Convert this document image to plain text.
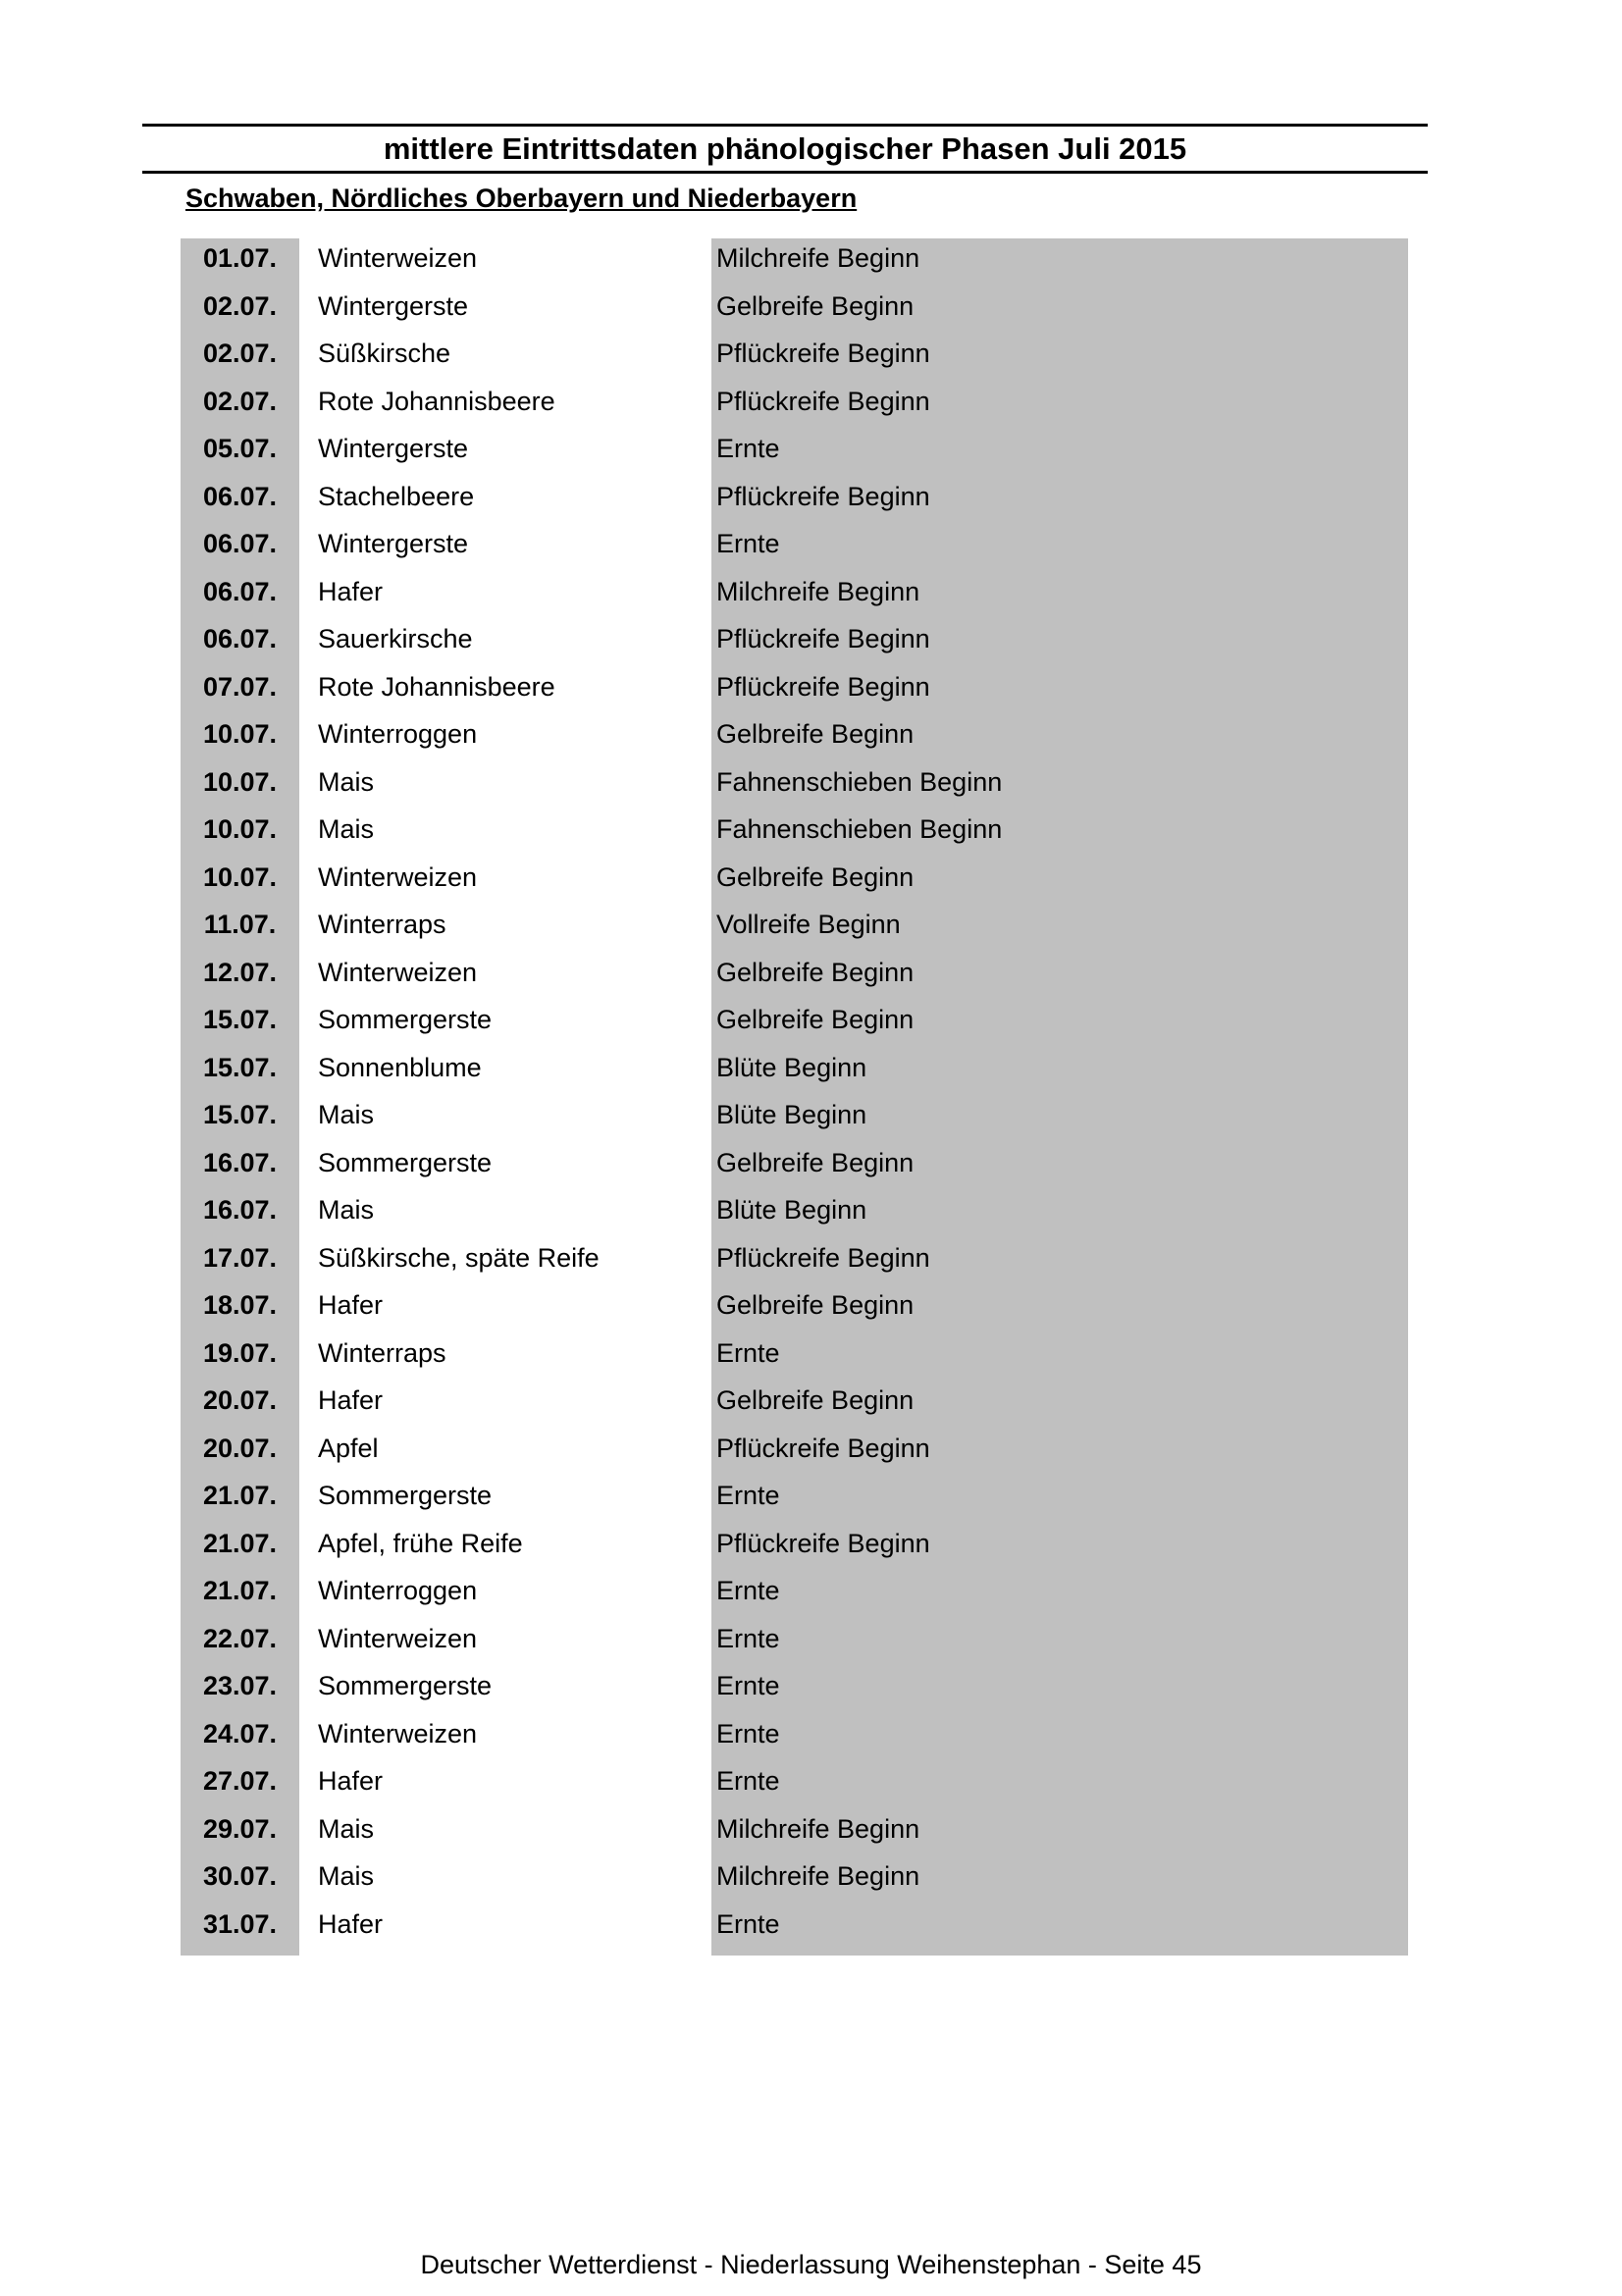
mittlere Eintrittsdaten phänologischer Phasen Juli 2015
Schwaben, Nördliches Oberbayern und Niederbayern
01.07.	Winterweizen	Milchreife Beginn
02.07.	Wintergerste	Gelbreife Beginn
02.07.	Süßkirsche	Pflückreife Beginn
02.07.	Rote Johannisbeere	Pflückreife Beginn
05.07.	Wintergerste	Ernte
06.07.	Stachelbeere	Pflückreife Beginn
06.07.	Wintergerste	Ernte
06.07.	Hafer	Milchreife Beginn
06.07.	Sauerkirsche	Pflückreife Beginn
07.07.	Rote Johannisbeere	Pflückreife Beginn
10.07.	Winterroggen	Gelbreife Beginn
10.07.	Mais	Fahnenschieben Beginn
10.07.	Mais	Fahnenschieben Beginn
10.07.	Winterweizen	Gelbreife Beginn
11.07.	Winterraps	Vollreife Beginn
12.07.	Winterweizen	Gelbreife Beginn
15.07.	Sommergerste	Gelbreife Beginn
15.07.	Sonnenblume	Blüte Beginn
15.07.	Mais	Blüte Beginn
16.07.	Sommergerste	Gelbreife Beginn
16.07.	Mais	Blüte Beginn
17.07.	Süßkirsche, späte Reife	Pflückreife Beginn
18.07.	Hafer	Gelbreife Beginn
19.07.	Winterraps	Ernte
20.07.	Hafer	Gelbreife Beginn
20.07.	Apfel	Pflückreife Beginn
21.07.	Sommergerste	Ernte
21.07.	Apfel, frühe Reife	Pflückreife Beginn
21.07.	Winterroggen	Ernte
22.07.	Winterweizen	Ernte
23.07.	Sommergerste	Ernte
24.07.	Winterweizen	Ernte
27.07.	Hafer	Ernte
29.07.	Mais	Milchreife Beginn
30.07.	Mais	Milchreife Beginn
31.07.	Hafer	Ernte
Deutscher Wetterdienst - Niederlassung Weihenstephan - Seite 45
